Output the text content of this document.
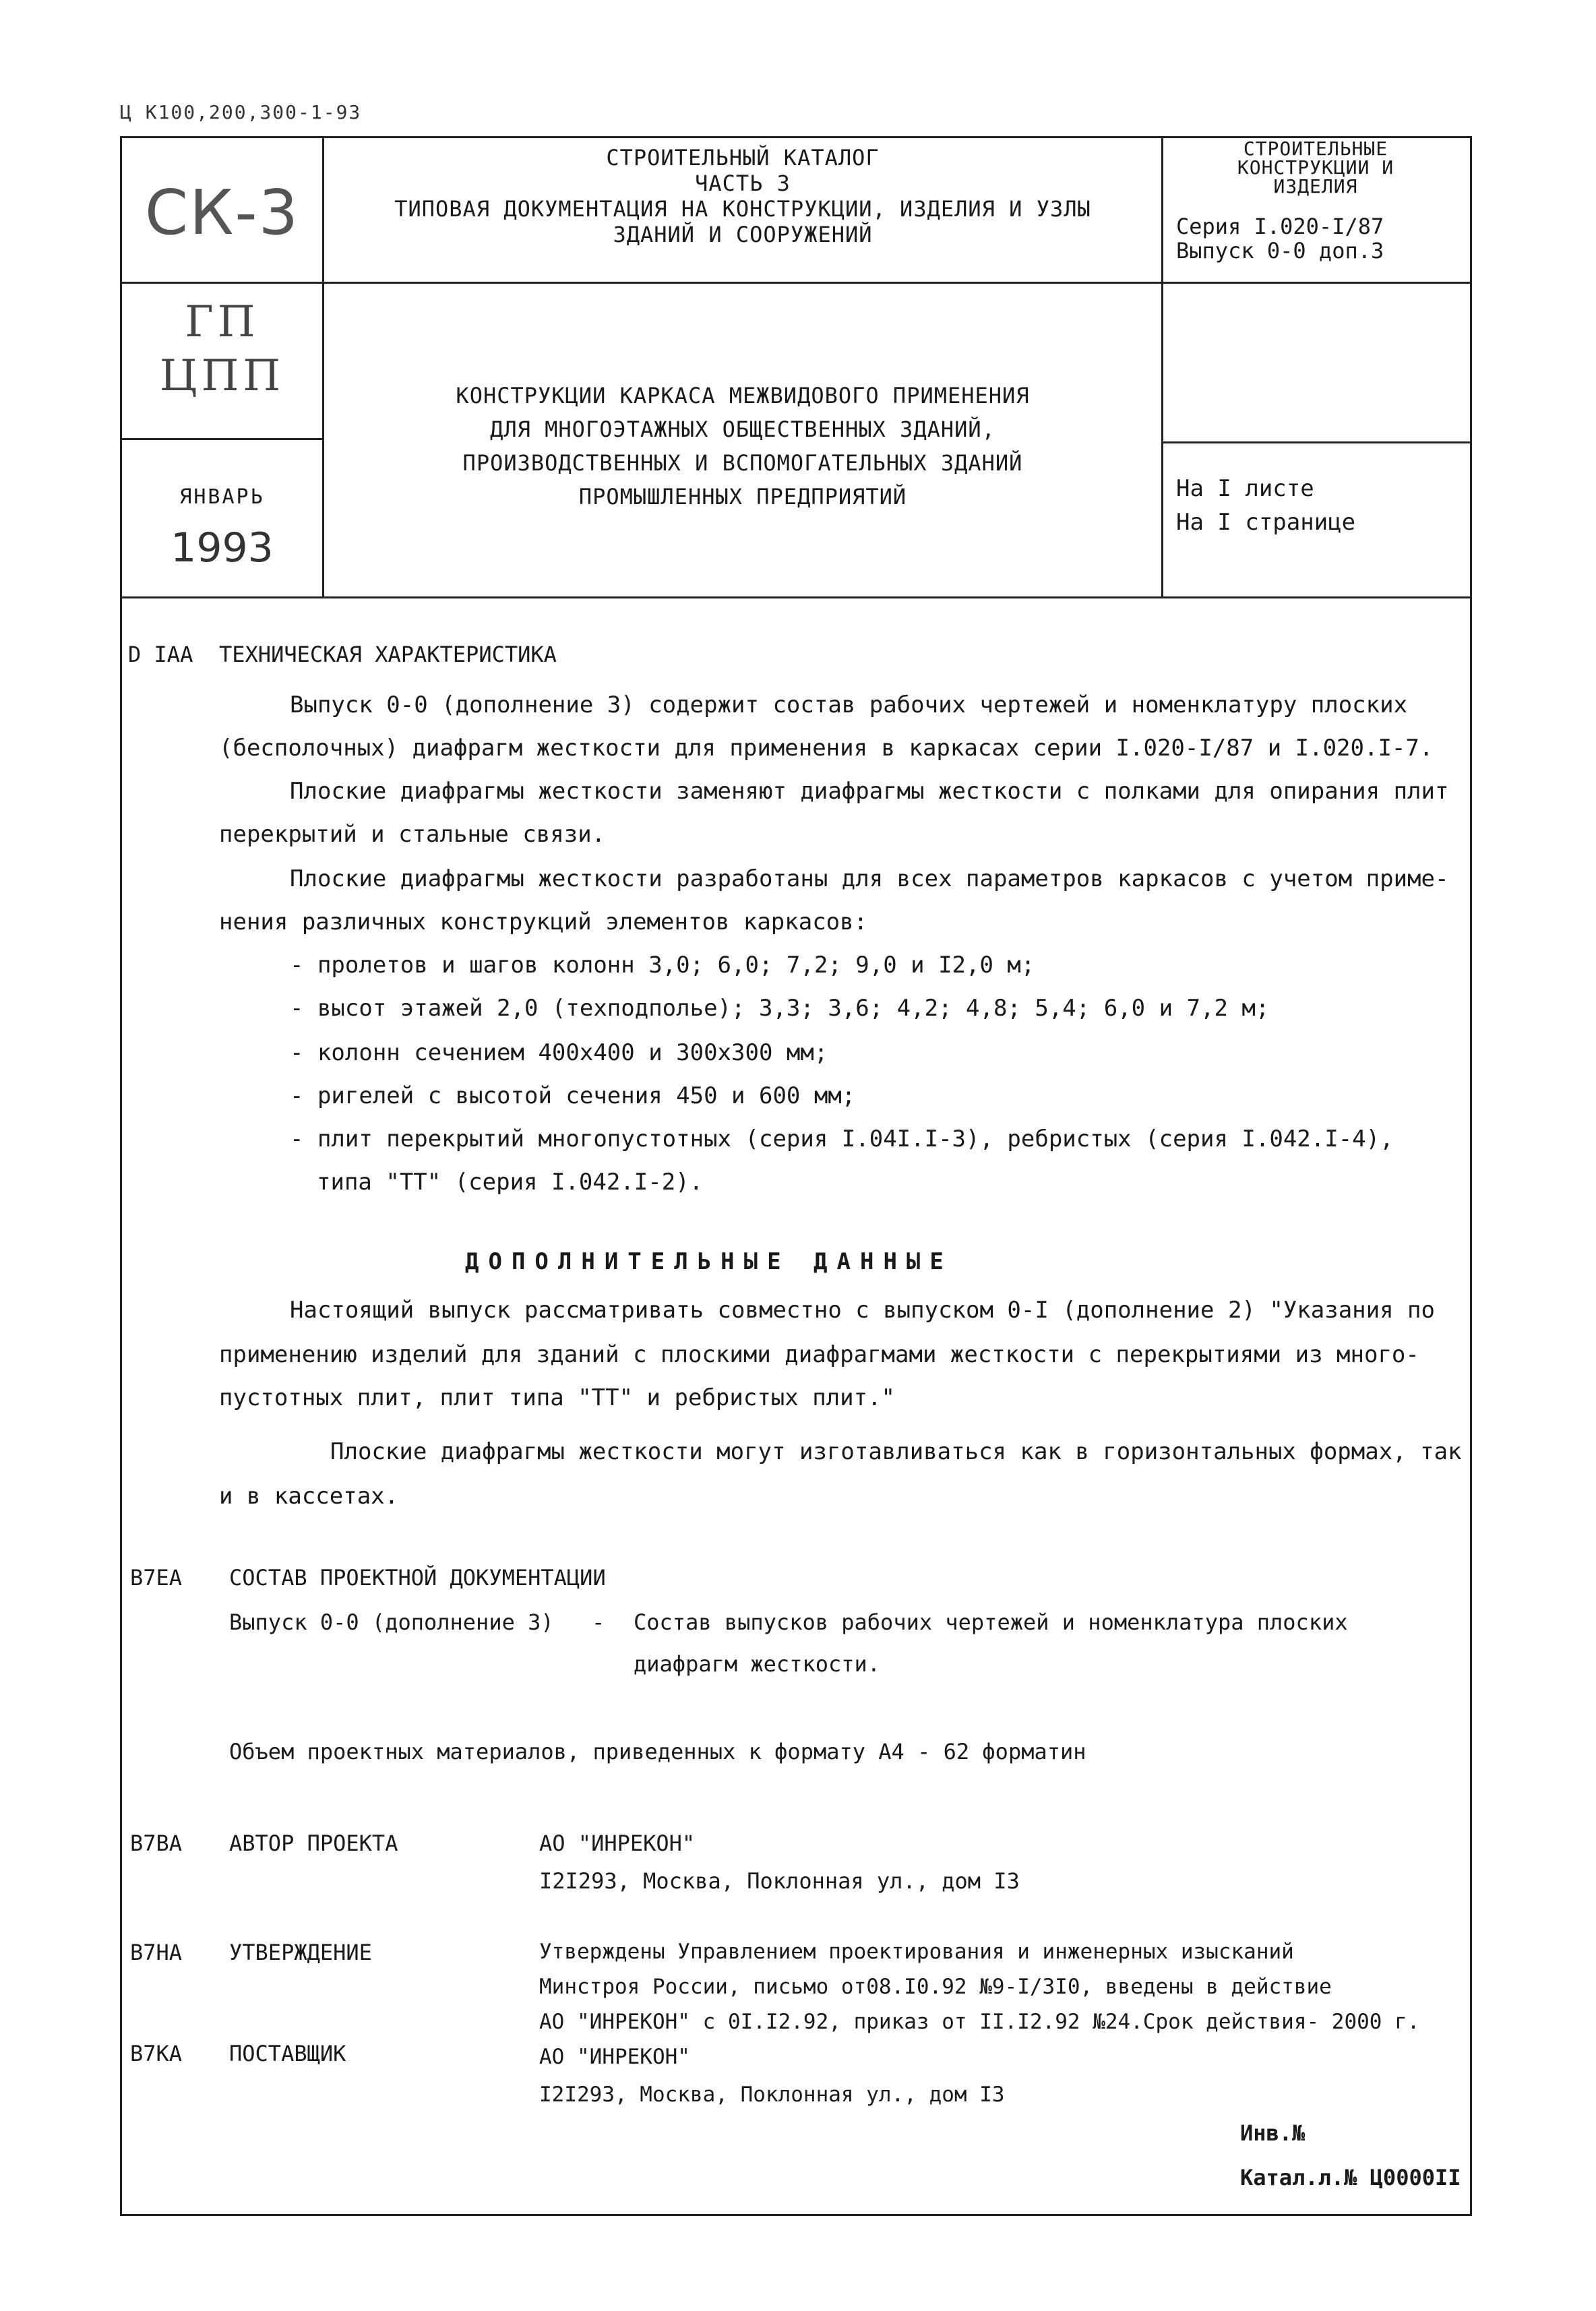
Ц К100,200,300-1-93
СК-3
СТРОИТЕЛЬНЫЙ КАТАЛОГ
ЧАСТЬ 3
ТИПОВАЯ ДОКУМЕНТАЦИЯ НА КОНСТРУКЦИИ, ИЗДЕЛИЯ И УЗЛЫ
ЗДАНИЙ И СООРУЖЕНИЙ
СТРОИТЕЛЬНЫЕ
КОНСТРУКЦИИ И
ИЗДЕЛИЯ
Серия I.020-I/87
Выпуск 0-0 доп.3
ГП
ЦПП
ЯНВАРЬ
1993
КОНСТРУКЦИИ КАРКАСА МЕЖВИДОВОГО ПРИМЕНЕНИЯ
ДЛЯ МНОГОЭТАЖНЫХ ОБЩЕСТВЕННЫХ ЗДАНИЙ,
ПРОИЗВОДСТВЕННЫХ И ВСПОМОГАТЕЛЬНЫХ ЗДАНИЙ
ПРОМЫШЛЕННЫХ ПРЕДПРИЯТИЙ	На I листе
На I странице
D IAA ТЕХНИЧЕСКАЯ ХАРАКТЕРИСТИКА
Выпуск 0-0 (дополнение 3) содержит состав рабочих чертежей и номенклатуру плоских
(бесполочных) диафрагм жесткости для применения в каркасах серии I.020-I/87 и I.020.I-7.
Плоские диафрагмы жесткости заменяют диафрагмы жесткости с полками для опирания плит
перекрытий и стальные связи.
Плоские диафрагмы жесткости разработаны для всех параметров каркасов с учетом приме-
нения различных конструкций элементов каркасов:
- пролетов и шагов колонн 3,0; 6,0; 7,2; 9,0 и I2,0 м;
- высот этажей 2,0 (техподполье); 3,3; 3,6; 4,2; 4,8; 5,4; 6,0 и 7,2 м;
- колонн сечением 400х400 и 300х300 мм;
- ригелей с высотой сечения 450 и 600 мм;
- плит перекрытий многопустотных (серия I.04I.I-3), ребристых (серия I.042.I-4),
типа "ТТ" (серия I.042.I-2).
ДОПОЛНИТЕЛЬНЫЕ ДАННЫЕ
Настоящий выпуск рассматривать совместно с выпуском 0-I (дополнение 2) "Указания по
применению изделий для зданий с плоскими диафрагмами жесткости с перекрытиями из много-
пустотных плит, плит типа "ТТ" и ребристых плит."
Плоские диафрагмы жесткости могут изготавливаться как в горизонтальных формах, так
и в кассетах.
В7ЕА СОСТАВ ПРОЕКТНОЙ ДОКУМЕНТАЦИИ
Выпуск 0-0 (дополнение 3) - Состав выпусков рабочих чертежей и номенклатура плоских
диафрагм жесткости.
Объем проектных материалов, приведенных к формату А4 - 62 форматин
В7ВА АВТОР ПРОЕКТА	АО "ИНРЕКОН"
I2I293, Москва, Поклонная ул., дом I3
В7НА УТВЕРЖДЕНИЕ	Утверждены Управлением проектирования и инженерных изысканий
Минстроя России, письмо от08.I0.92 №9-I/3I0, введены в действие
АО "ИНРЕКОН" с 0I.I2.92, приказ от II.I2.92 №24.Срок действия- 2000 г.
В7КА ПОСТАВЩИК	АО "ИНРЕКОН"
I2I293, Москва, Поклонная ул., дом I3
Инв.№
Катал.л.№ Ц0000II
